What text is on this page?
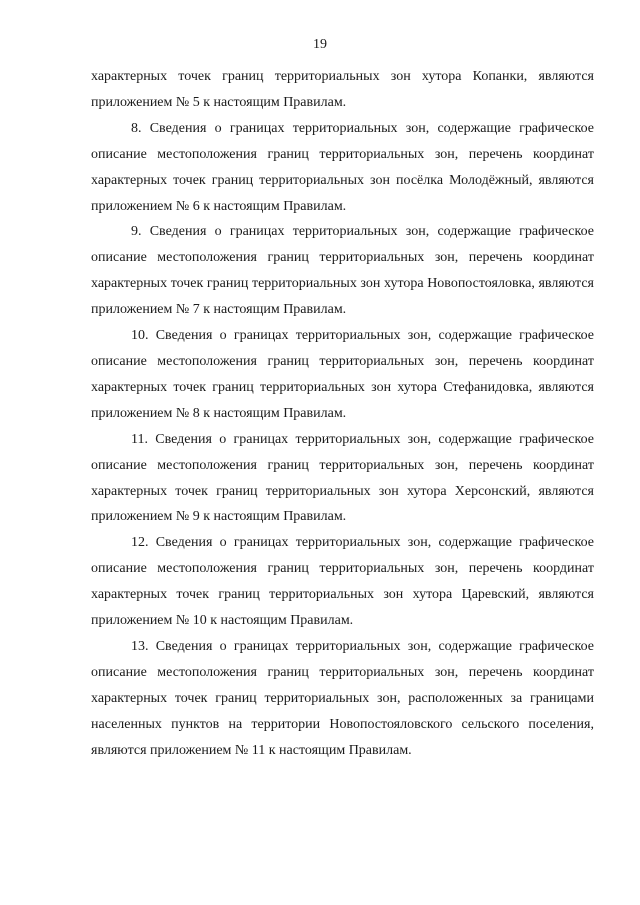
19

характерных точек границ территориальных зон хутора Копанки, являются приложением № 5 к настоящим Правилам.

8. Сведения о границах территориальных зон, содержащие графическое описание местоположения границ территориальных зон, перечень координат характерных точек границ территориальных зон посёлка Молодёжный, являются приложением № 6 к настоящим Правилам.

9. Сведения о границах территориальных зон, содержащие графическое описание местоположения границ территориальных зон, перечень координат характерных точек границ территориальных зон хутора Новопостояловка, являются приложением № 7 к настоящим Правилам.

10. Сведения о границах территориальных зон, содержащие графическое описание местоположения границ территориальных зон, перечень координат характерных точек границ территориальных зон хутора Стефанидовка, являются приложением № 8 к настоящим Правилам.

11. Сведения о границах территориальных зон, содержащие графическое описание местоположения границ территориальных зон, перечень координат характерных точек границ территориальных зон хутора Херсонский, являются приложением № 9 к настоящим Правилам.

12. Сведения о границах территориальных зон, содержащие графическое описание местоположения границ территориальных зон, перечень координат характерных точек границ территориальных зон хутора Царевский, являются приложением № 10 к настоящим Правилам.

13. Сведения о границах территориальных зон, содержащие графическое описание местоположения границ территориальных зон, перечень координат характерных точек границ территориальных зон, расположенных за границами населенных пунктов на территории Новопостояловского сельского поселения, являются приложением № 11 к настоящим Правилам.
